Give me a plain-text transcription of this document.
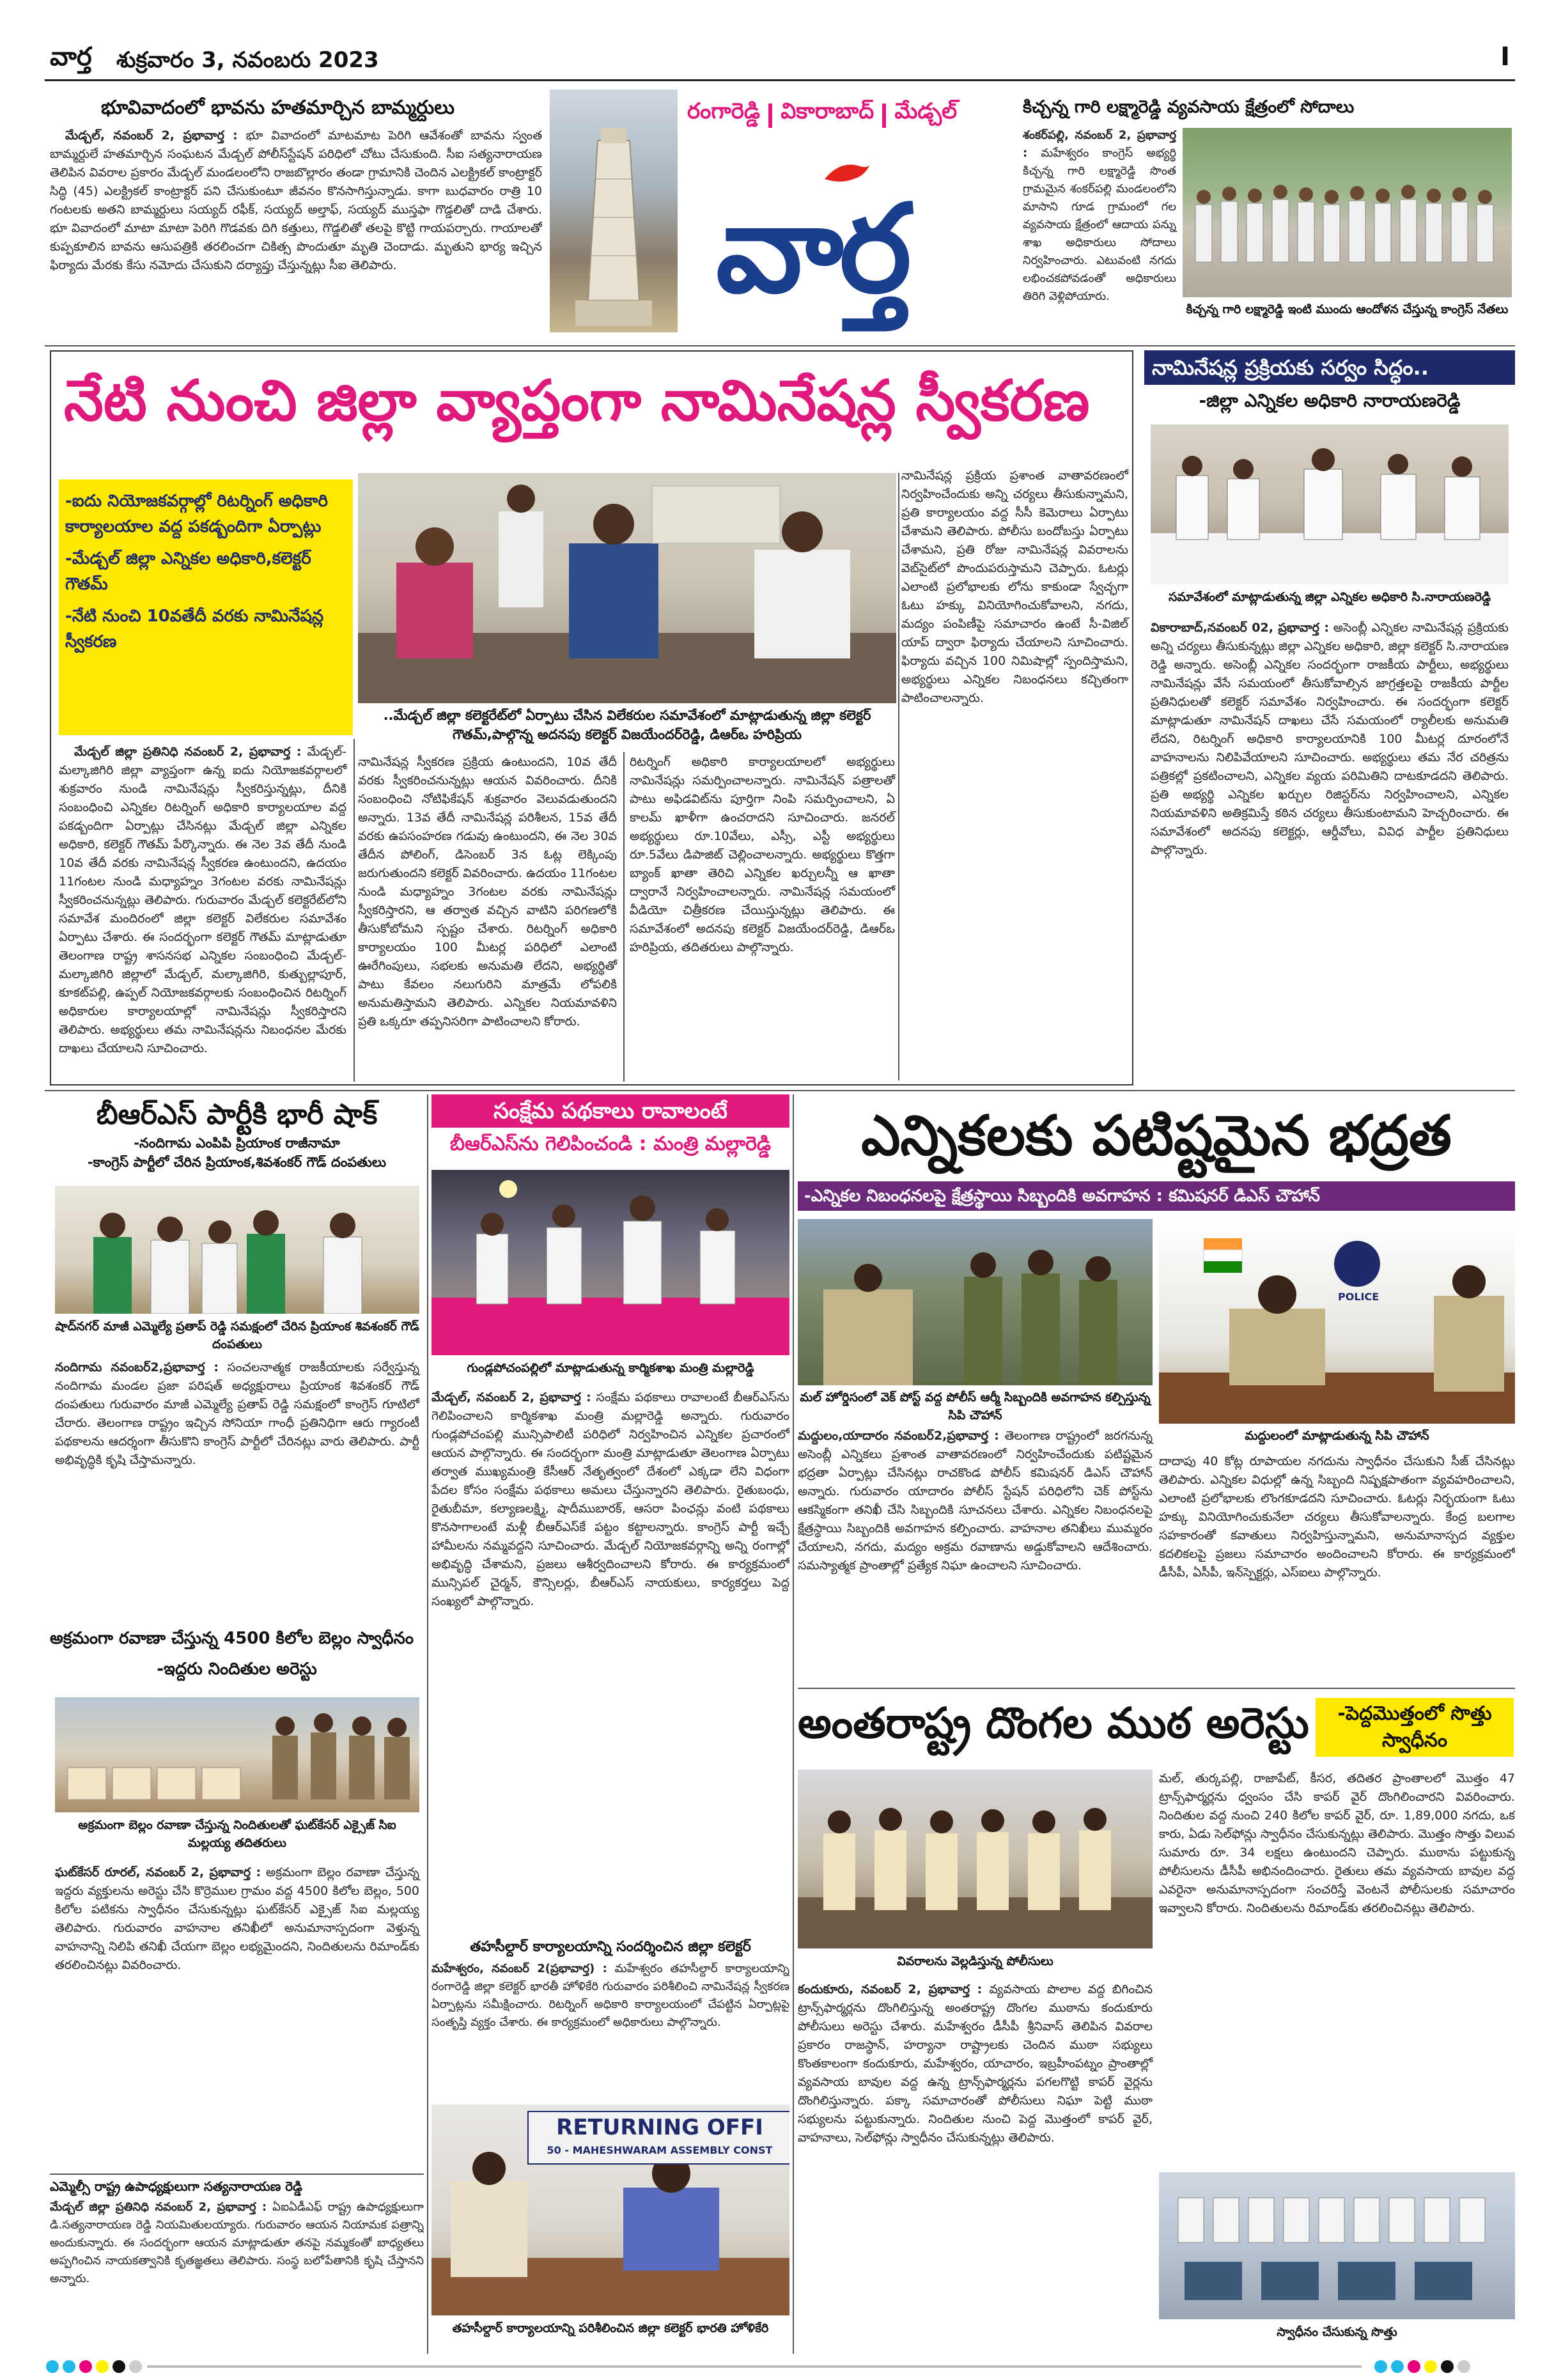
వార్త శుక్రవారం 3, నవంబరు 2023	I
భూవివాదంలో భావను హతమార్చిన బామ్మర్దులు

మేడ్చల్, నవంబర్ 2, ప్రభావార్త : భూ వివాదంలో మాటమాట పెరిగి ఆవేశంతో బావను స్వంత బామ్మర్దులే హతమార్చిన సంఘటన మేడ్చల్ పోలీస్‌స్టేషన్ పరిధిలో చోటు చేసుకుంది. సీఐ సత్యనారాయణ తెలిపిన వివరాల ప్రకారం మేడ్చల్ మండలంలోని రాజబొల్లారం తండా గ్రామానికి చెందిన ఎలక్ట్రికల్ కాంట్రాక్టర్ సిద్ధి (45) ఎలక్ట్రికల్ కాంట్రాక్టర్ పని చేసుకుంటూ జీవనం కొనసాగిస్తున్నాడు. కాగా బుధవారం రాత్రి 10 గంటలకు అతని బామ్మర్దులు సయ్యద్ రఫీక్, సయ్యద్ అల్తాఫ్, సయ్యద్ ముస్తఫా గొడ్డలితో దాడి చేశారు. భూ వివాదంలో మాటా మాటా పెరిగి గొడవకు దిగి కత్తులు, గొడ్డలితో తలపై కొట్టి గాయపర్చారు. గాయాలతో కుప్పకూలిన బావను ఆసుపత్రికి తరలించగా చికిత్స పొందుతూ మృతి చెందాడు. మృతుని భార్య ఇచ్చిన ఫిర్యాదు మేరకు కేసు నమోదు చేసుకుని దర్యాప్తు చేస్తున్నట్లు సీఐ తెలిపారు.

రంగారెడ్డి వికారాబాద్ మేడ్చల్
వార్త
కిచ్చన్న గారి లక్ష్మారెడ్డి వ్యవసాయ క్షేత్రంలో సోదాలు

శంకర్‌పల్లి, నవంబర్ 2, ప్రభావార్త : మహేశ్వరం కాంగ్రెస్ అభ్యర్థి కిచ్చన్న గారి లక్ష్మారెడ్డి సొంత గ్రామమైన శంకర్‌పల్లి మండలంలోని మాసాని గూడ గ్రామంలో గల వ్యవసాయ క్షేత్రంలో ఆదాయ పన్ను శాఖ అధికారులు సోదాలు నిర్వహించారు. ఎటువంటి నగదు లభించకపోవడంతో అధికారులు తిరిగి వెళ్లిపోయారు.

కిచ్చన్న గారి లక్ష్మారెడ్డి ఇంటి ముందు ఆందోళన చేస్తున్న కాంగ్రెస్ నేతలు
నేటి నుంచి జిల్లా వ్యాప్తంగా నామినేషన్ల స్వీకరణ
-ఐదు నియోజకవర్గాల్లో రిటర్నింగ్ అధికారి కార్యాలయాల వద్ద పకడ్బందిగా ఏర్పాట్లు
-మేడ్చల్ జిల్లా ఎన్నికల అధికారి,కలెక్టర్ గౌతమ్
-నేటి నుంచి 10వతేదీ వరకు నామినేషన్ల స్వీకరణ
..మేడ్చల్ జిల్లా కలెక్టరేట్‌లో ఏర్పాటు చేసిన విలేకరుల సమావేశంలో మాట్లాడుతున్న జిల్లా కలెక్టర్ గౌతమ్,పాల్గొన్న అదనపు కలెక్టర్ విజయేందర్‌రెడ్డి, డిఆర్‌ఒ హరిప్రియ

నామినేషన్ల ప్రక్రియ ప్రశాంత వాతావరణంలో నిర్వహించేందుకు అన్ని చర్యలు తీసుకున్నామని, ప్రతి కార్యాలయం వద్ద సీసీ కెమెరాలు ఏర్పాటు చేశామని తెలిపారు. పోలీసు బందోబస్తు ఏర్పాటు చేశామని, ప్రతి రోజు నామినేషన్ల వివరాలను వెబ్‌సైట్‌లో పొందుపరుస్తామని చెప్పారు. ఓటర్లు ఎలాంటి ప్రలోభాలకు లోను కాకుండా స్వేచ్ఛగా ఓటు హక్కు వినియోగించుకోవాలని, నగదు, మద్యం పంపిణీపై సమాచారం ఉంటే సీ-విజిల్ యాప్ ద్వారా ఫిర్యాదు చేయాలని సూచించారు. ఫిర్యాదు వచ్చిన 100 నిమిషాల్లో స్పందిస్తామని, అభ్యర్థులు ఎన్నికల నిబంధనలు కచ్చితంగా పాటించాలన్నారు.

మేడ్చల్ జిల్లా ప్రతినిధి నవంబర్ 2, ప్రభావార్త : మేడ్చల్-మల్కాజిగిరి జిల్లా వ్యాప్తంగా ఉన్న ఐదు నియోజకవర్గాలలో శుక్రవారం నుండి నామినేషన్లు స్వీకరిస్తున్నట్లు, దీనికి సంబంధించి ఎన్నికల రిటర్నింగ్ అధికారి కార్యాలయాల వద్ద పకడ్బందిగా ఏర్పాట్లు చేసినట్లు మేడ్చల్ జిల్లా ఎన్నికల అధికారి, కలెక్టర్ గౌతమ్ పేర్కొన్నారు. ఈ నెల 3వ తేదీ నుండి 10వ తేదీ వరకు నామినేషన్ల స్వీకరణ ఉంటుందని, ఉదయం 11గంటల నుండి మధ్యాహ్నం 3గంటల వరకు నామినేషన్లు స్వీకరించనున్నట్లు తెలిపారు. గురువారం మేడ్చల్ కలెక్టరేట్‌లోని సమావేశ మందిరంలో జిల్లా కలెక్టర్ విలేకరుల సమావేశం ఏర్పాటు చేశారు. ఈ సందర్భంగా కలెక్టర్ గౌతమ్ మాట్లాడుతూ తెలంగాణ రాష్ట్ర శాసనసభ ఎన్నికల సంబంధించి మేడ్చల్-మల్కాజిగిరి జిల్లాలో మేడ్చల్, మల్కాజిగిరి, కుత్బుల్లాపూర్, కూకట్‌పల్లి, ఉప్పల్ నియోజకవర్గాలకు సంబంధించిన రిటర్నింగ్ అధికారుల కార్యాలయాల్లో నామినేషన్లు స్వీకరిస్తారని తెలిపారు. అభ్యర్థులు తమ నామినేషన్లను నిబంధనల మేరకు దాఖలు చేయాలని సూచించారు.

నామినేషన్ల స్వీకరణ ప్రక్రియ ఉంటుందని, 10వ తేదీ వరకు స్వీకరించనున్నట్లు ఆయన వివరించారు. దీనికి సంబంధించి నోటిఫికేషన్ శుక్రవారం వెలువడుతుందని అన్నారు. 13వ తేదీ నామినేషన్ల పరిశీలన, 15వ తేదీ వరకు ఉపసంహరణ గడువు ఉంటుందని, ఈ నెల 30వ తేదీన పోలింగ్, డిసెంబర్ 3న ఓట్ల లెక్కింపు జరుగుతుందని కలెక్టర్ వివరించారు. ఉదయం 11గంటల నుండి మధ్యాహ్నం 3గంటల వరకు నామినేషన్లు స్వీకరిస్తారని, ఆ తర్వాత వచ్చిన వాటిని పరిగణలోకి తీసుకోబోమని స్పష్టం చేశారు. రిటర్నింగ్ అధికారి కార్యాలయం 100 మీటర్ల పరిధిలో ఎలాంటి ఊరేగింపులు, సభలకు అనుమతి లేదని, అభ్యర్థితో పాటు కేవలం నలుగురిని మాత్రమే లోపలికి అనుమతిస్తామని తెలిపారు. ఎన్నికల నియమావళిని ప్రతి ఒక్కరూ తప్పనిసరిగా పాటించాలని కోరారు.

రిటర్నింగ్ అధికారి కార్యాలయాలలో అభ్యర్థులు నామినేషన్లు సమర్పించాలన్నారు. నామినేషన్ పత్రాలతో పాటు అఫిడవిట్‌ను పూర్తిగా నింపి సమర్పించాలని, ఏ కాలమ్ ఖాళీగా ఉంచరాదని సూచించారు. జనరల్ అభ్యర్థులు రూ.10వేలు, ఎస్సీ, ఎస్టీ అభ్యర్థులు రూ.5వేలు డిపాజిట్ చెల్లించాలన్నారు. అభ్యర్థులు కొత్తగా బ్యాంక్ ఖాతా తెరిచి ఎన్నికల ఖర్చులన్నీ ఆ ఖాతా ద్వారానే నిర్వహించాలన్నారు. నామినేషన్ల సమయంలో వీడియో చిత్రీకరణ చేయిస్తున్నట్లు తెలిపారు. ఈ సమావేశంలో అదనపు కలెక్టర్ విజయేందర్‌రెడ్డి, డిఆర్‌ఒ హరిప్రియ, తదితరులు పాల్గొన్నారు.

నామినేషన్ల ప్రక్రియకు సర్వం సిద్ధం..
-జిల్లా ఎన్నికల అధికారి నారాయణరెడ్డి
సమావేశంలో మాట్లాడుతున్న జిల్లా ఎన్నికల అధికారి సి.నారాయణరెడ్డి

వికారాబాద్,నవంబర్ 02, ప్రభావార్త : అసెంబ్లీ ఎన్నికల నామినేషన్ల ప్రక్రియకు అన్ని చర్యలు తీసుకున్నట్లు జిల్లా ఎన్నికల అధికారి, జిల్లా కలెక్టర్ సి.నారాయణ రెడ్డి అన్నారు. అసెంబ్లీ ఎన్నికల సందర్భంగా రాజకీయ పార్టీలు, అభ్యర్థులు నామినేషన్లు వేసే సమయంలో తీసుకోవాల్సిన జాగ్రత్తలపై రాజకీయ పార్టీల ప్రతినిధులతో కలెక్టర్ సమావేశం నిర్వహించారు. ఈ సందర్భంగా కలెక్టర్ మాట్లాడుతూ నామినేషన్ దాఖలు చేసే సమయంలో ర్యాలీలకు అనుమతి లేదని, రిటర్నింగ్ అధికారి కార్యాలయానికి 100 మీటర్ల దూరంలోనే వాహనాలను నిలిపివేయాలని సూచించారు. అభ్యర్థులు తమ నేర చరిత్రను పత్రికల్లో ప్రకటించాలని, ఎన్నికల వ్యయ పరిమితిని దాటకూడదని తెలిపారు. ప్రతి అభ్యర్థి ఎన్నికల ఖర్చుల రిజిస్టర్‌ను నిర్వహించాలని, ఎన్నికల నియమావళిని అతిక్రమిస్తే కఠిన చర్యలు తీసుకుంటామని హెచ్చరించారు. ఈ సమావేశంలో అదనపు కలెక్టర్లు, ఆర్డీవోలు, వివిధ పార్టీల ప్రతినిధులు పాల్గొన్నారు.

బీఆర్ఎస్ పార్టీకి భారీ షాక్
-నందిగామ ఎంపిపి ప్రియాంక రాజీనామా
-కాంగ్రెస్ పార్టీలో చేరిన ప్రియాంక,శివశంకర్ గౌడ్ దంపతులు
షాద్‌నగర్ మాజీ ఎమ్మెల్యే ప్రతాప్ రెడ్డి సమక్షంలో చేరిన ప్రియాంక శివశంకర్ గౌడ్ దంపతులు

నందిగామ నవంబర్2,ప్రభావార్త : సంచలనాత్మక రాజకీయాలకు సర్వేస్తున్న నందిగామ మండల ప్రజా పరిషత్ అధ్యక్షురాలు ప్రియాంక శివశంకర్ గౌడ్ దంపతులు గురువారం మాజీ ఎమ్మెల్యే ప్రతాప్ రెడ్డి సమక్షంలో కాంగ్రెస్ గూటిలో చేరారు. తెలంగాణ రాష్ట్రం ఇచ్చిన సోనియా గాంధీ ప్రతినిధిగా ఆరు గ్యారంటీ పథకాలను ఆదర్శంగా తీసుకొని కాంగ్రెస్ పార్టీలో చేరినట్లు వారు తెలిపారు. పార్టీ అభివృద్ధికి కృషి చేస్తామన్నారు.

అక్రమంగా రవాణా చేస్తున్న 4500 కిలోల బెల్లం స్వాధీనం
-ఇద్దరు నిందితుల అరెస్టు
అక్రమంగా బెల్లం రవాణా చేస్తున్న నిందితులతో ఘట్‌కేసర్ ఎక్సైజ్ సిఐ మల్లయ్య తదితరులు

ఘట్‌కేసర్ రూరల్, నవంబర్ 2, ప్రభావార్త : అక్రమంగా బెల్లం రవాణా చేస్తున్న ఇద్దరు వ్యక్తులను అరెస్టు చేసి కొర్రెముల గ్రామం వద్ద 4500 కిలోల బెల్లం, 500 కిలోల పటికను స్వాధీనం చేసుకున్నట్లు ఘట్‌కేసర్ ఎక్సైజ్ సిఐ మల్లయ్య తెలిపారు. గురువారం వాహనాల తనిఖీలో అనుమానాస్పదంగా వెళ్తున్న వాహనాన్ని నిలిపి తనిఖీ చేయగా బెల్లం లభ్యమైందని, నిందితులను రిమాండ్‌కు తరలించినట్లు వివరించారు.

ఎమ్మెల్సీ రాష్ట్ర ఉపాధ్యక్షులుగా సత్యనారాయణ రెడ్డి

మేడ్చల్ జిల్లా ప్రతినిధి నవంబర్ 2, ప్రభావార్త : ఏఐఏడీఎఫ్ రాష్ట్ర ఉపాధ్యక్షులుగా డి.సత్యనారాయణ రెడ్డి నియమితులయ్యారు. గురువారం ఆయన నియామక పత్రాన్ని అందుకున్నారు. ఈ సందర్భంగా ఆయన మాట్లాడుతూ తనపై నమ్మకంతో బాధ్యతలు అప్పగించిన నాయకత్వానికి కృతజ్ఞతలు తెలిపారు. సంస్థ బలోపేతానికి కృషి చేస్తానని అన్నారు.

సంక్షేమ పథకాలు రావాలంటే
బీఆర్‌ఎస్‌ను గెలిపించండి : మంత్రి మల్లారెడ్డి
గుండ్లపోచంపల్లిలో మాట్లాడుతున్న కార్మికశాఖ మంత్రి మల్లారెడ్డి

మేడ్చల్, నవంబర్ 2, ప్రభావార్త : సంక్షేమ పథకాలు రావాలంటే బీఆర్‌ఎస్‌ను గెలిపించాలని కార్మికశాఖ మంత్రి మల్లారెడ్డి అన్నారు. గురువారం గుండ్లపోచంపల్లి మున్సిపాలిటీ పరిధిలో నిర్వహించిన ఎన్నికల ప్రచారంలో ఆయన పాల్గొన్నారు. ఈ సందర్భంగా మంత్రి మాట్లాడుతూ తెలంగాణ ఏర్పాటు తర్వాత ముఖ్యమంత్రి కేసీఆర్ నేతృత్వంలో దేశంలో ఎక్కడా లేని విధంగా పేదల కోసం సంక్షేమ పథకాలు అమలు చేస్తున్నారని తెలిపారు. రైతుబంధు, రైతుబీమా, కల్యాణలక్ష్మి, షాదీముబారక్, ఆసరా పింఛన్లు వంటి పథకాలు కొనసాగాలంటే మళ్లీ బీఆర్‌ఎస్‌కే పట్టం కట్టాలన్నారు. కాంగ్రెస్ పార్టీ ఇచ్చే హామీలను నమ్మవద్దని సూచించారు. మేడ్చల్ నియోజకవర్గాన్ని అన్ని రంగాల్లో అభివృద్ధి చేశామని, ప్రజలు ఆశీర్వదించాలని కోరారు. ఈ కార్యక్రమంలో మున్సిపల్ చైర్మన్, కౌన్సిలర్లు, బీఆర్‌ఎస్ నాయకులు, కార్యకర్తలు పెద్ద సంఖ్యలో పాల్గొన్నారు.

తహసీల్దార్ కార్యాలయాన్ని సందర్శించిన జిల్లా కలెక్టర్

మహేశ్వరం, నవంబర్ 2(ప్రభావార్త) : మహేశ్వరం తహసీల్దార్ కార్యాలయాన్ని రంగారెడ్డి జిల్లా కలెక్టర్ భారతీ హోళికేరి గురువారం పరిశీలించి నామినేషన్ల స్వీకరణ ఏర్పాట్లను సమీక్షించారు. రిటర్నింగ్ అధికారి కార్యాలయంలో చేపట్టిన ఏర్పాట్లపై సంతృప్తి వ్యక్తం చేశారు. ఈ కార్యక్రమంలో అధికారులు పాల్గొన్నారు.

RETURNING OFFI
50 - MAHESHWARAM ASSEMBLY CONST
తహసీల్దార్ కార్యాలయాన్ని పరిశీలించిన జిల్లా కలెక్టర్ భారతి హోళికేరి
ఎన్నికలకు పటిష్టమైన భద్రత
-ఎన్నికల నిబంధనలపై క్షేత్రస్థాయి సిబ్బందికి అవగాహన : కమిషనర్ డిఎస్ చౌహాన్
మల్ హోర్డిసంలో వెక్ పోస్ట్ వద్ద పోలీస్ ఆర్మీ సిబ్బందికి అవగాహన కల్పిస్తున్న సిపి చౌహాన్
POLICE
మద్దులంలో మాట్లాడుతున్న సిపి చౌహాన్

మద్దులం,యాదారం నవంబర్2,ప్రభావార్త : తెలంగాణ రాష్ట్రంలో జరగనున్న అసెంబ్లీ ఎన్నికలు ప్రశాంత వాతావరణంలో నిర్వహించేందుకు పటిష్టమైన భద్రతా ఏర్పాట్లు చేసినట్లు రాచకొండ పోలీస్ కమిషనర్ డిఎస్ చౌహాన్ అన్నారు. గురువారం యాదారం పోలీస్ స్టేషన్ పరిధిలోని చెక్ పోస్ట్‌ను ఆకస్మికంగా తనిఖీ చేసి సిబ్బందికి సూచనలు చేశారు. ఎన్నికల నిబంధనలపై క్షేత్రస్థాయి సిబ్బందికి అవగాహన కల్పించారు. వాహనాల తనిఖీలు ముమ్మరం చేయాలని, నగదు, మద్యం అక్రమ రవాణాను అడ్డుకోవాలని ఆదేశించారు. సమస్యాత్మక ప్రాంతాల్లో ప్రత్యేక నిఘా ఉంచాలని సూచించారు.

దాదాపు 40 కోట్ల రూపాయల నగదును స్వాధీనం చేసుకుని సీజ్ చేసినట్లు తెలిపారు. ఎన్నికల విధుల్లో ఉన్న సిబ్బంది నిష్పక్షపాతంగా వ్యవహరించాలని, ఎలాంటి ప్రలోభాలకు లొంగకూడదని సూచించారు. ఓటర్లు నిర్భయంగా ఓటు హక్కు వినియోగించుకునేలా చర్యలు తీసుకోవాలన్నారు. కేంద్ర బలగాల సహకారంతో కవాతులు నిర్వహిస్తున్నామని, అనుమానాస్పద వ్యక్తుల కదలికలపై ప్రజలు సమాచారం అందించాలని కోరారు. ఈ కార్యక్రమంలో డీసీపీ, ఏసీపీ, ఇన్‌స్పెక్టర్లు, ఎస్‌ఐలు పాల్గొన్నారు.

అంతరాష్ట్ర దొంగల ముఠ అరెస్టు	-పెద్దమొత్తంలో సొత్తు స్వాధీనం
వివరాలను వెల్లడిస్తున్న పోలీసులు

కందుకూరు, నవంబర్ 2, ప్రభావార్త : వ్యవసాయ పొలాల వద్ద బిగించిన ట్రాన్స్‌ఫార్మర్లను దొంగిలిస్తున్న అంతరాష్ట్ర దొంగల ముఠాను కందుకూరు పోలీసులు అరెస్టు చేశారు. మహేశ్వరం డీసీపీ శ్రీనివాస్ తెలిపిన వివరాల ప్రకారం రాజస్థాన్, హర్యానా రాష్ట్రాలకు చెందిన ముఠా సభ్యులు కొంతకాలంగా కందుకూరు, మహేశ్వరం, యాచారం, ఇబ్రహీంపట్నం ప్రాంతాల్లో వ్యవసాయ బావుల వద్ద ఉన్న ట్రాన్స్‌ఫార్మర్లను పగలగొట్టి కాపర్ వైర్లను దొంగిలిస్తున్నారు. పక్కా సమాచారంతో పోలీసులు నిఘా పెట్టి ముఠా సభ్యులను పట్టుకున్నారు. నిందితుల నుంచి పెద్ద మొత్తంలో కాపర్ వైర్, వాహనాలు, సెల్‌ఫోన్లు స్వాధీనం చేసుకున్నట్లు తెలిపారు.

మల్, తుర్కపల్లి, రాజాపేట్, కీసర, తదితర ప్రాంతాలలో మొత్తం 47 ట్రాన్స్‌ఫార్మర్లను ధ్వంసం చేసి కాపర్ వైర్ దొంగిలించారని వివరించారు. నిందితుల వద్ద నుంచి 240 కిలోల కాపర్ వైర్, రూ. 1,89,000 నగదు, ఒక కారు, ఏడు సెల్‌ఫోన్లు స్వాధీనం చేసుకున్నట్లు తెలిపారు. మొత్తం సొత్తు విలువ సుమారు రూ. 34 లక్షలు ఉంటుందని చెప్పారు. ముఠాను పట్టుకున్న పోలీసులను డీసీపీ అభినందించారు. రైతులు తమ వ్యవసాయ బావుల వద్ద ఎవరైనా అనుమానాస్పదంగా సంచరిస్తే వెంటనే పోలీసులకు సమాచారం ఇవ్వాలని కోరారు. నిందితులను రిమాండ్‌కు తరలించినట్లు తెలిపారు.

స్వాధీనం చేసుకున్న సొత్తు
